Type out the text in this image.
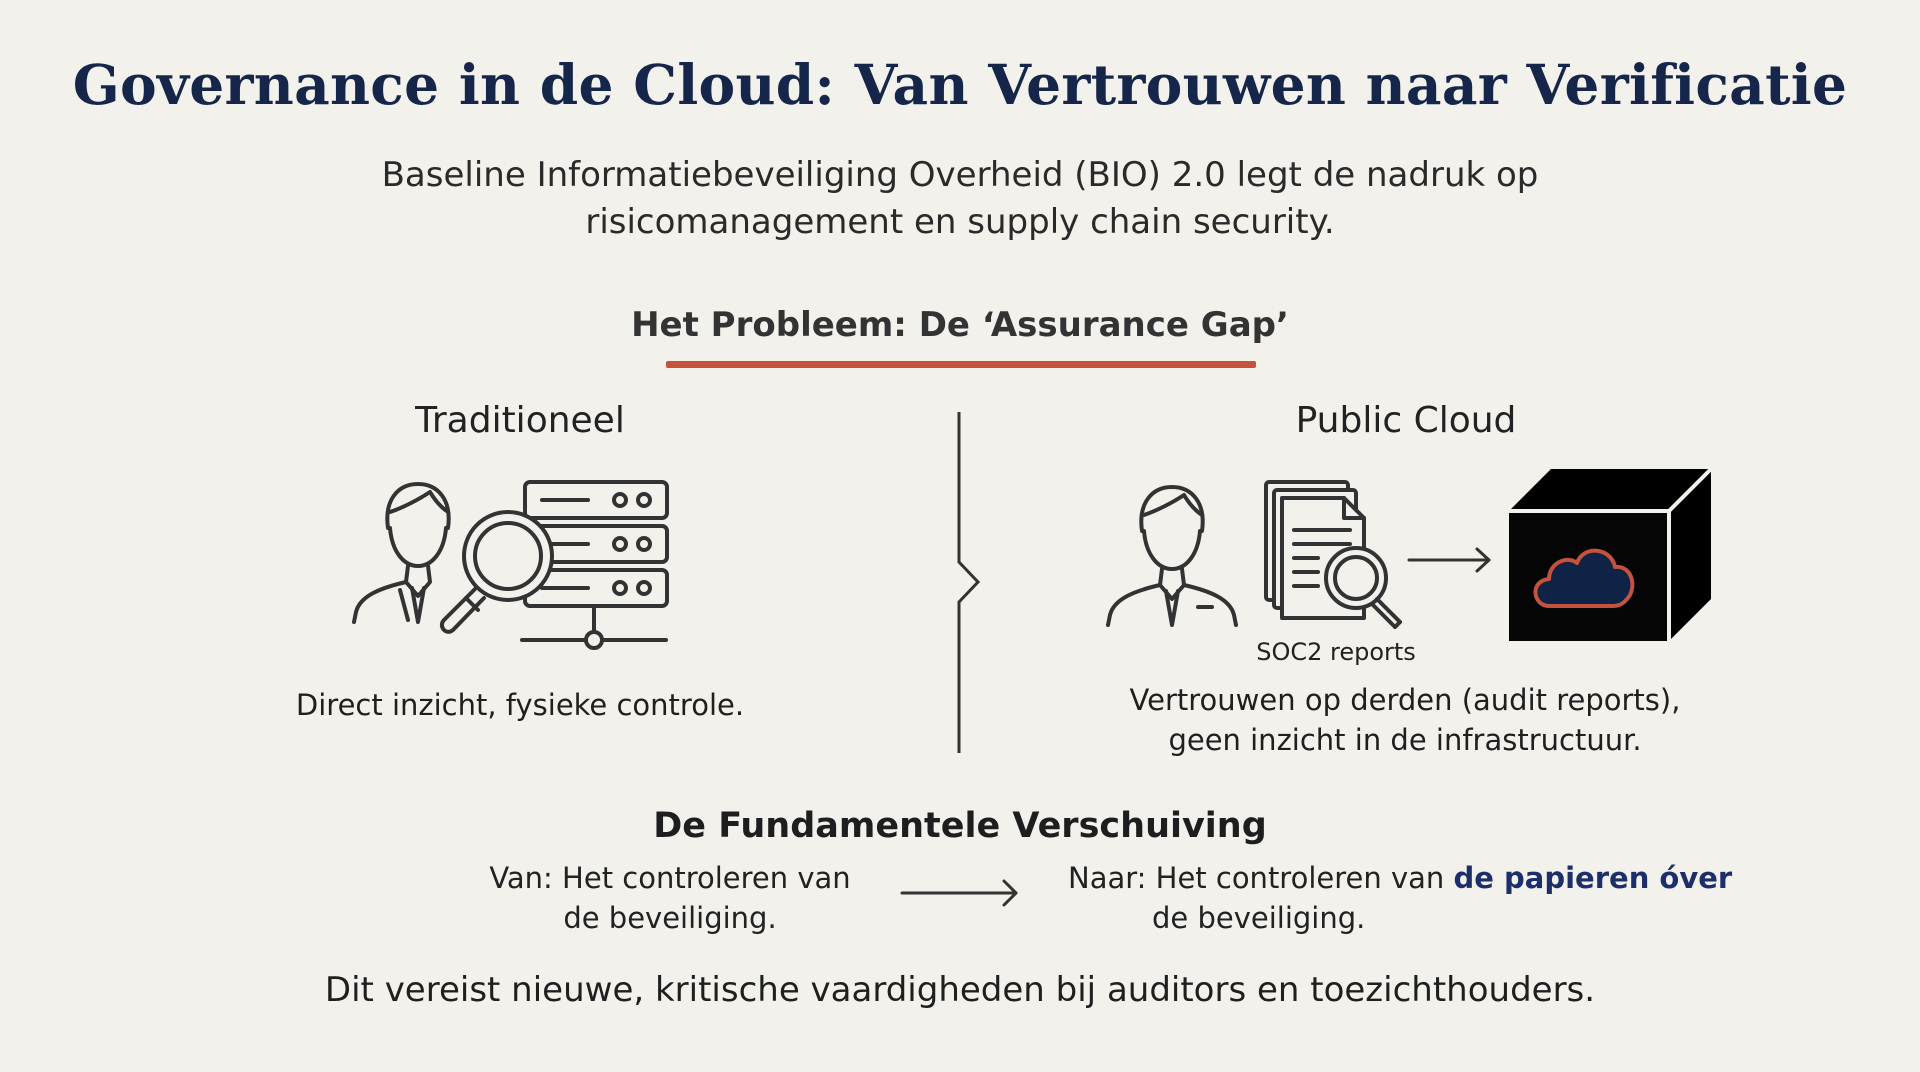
Governance in de Cloud: Van Vertrouwen naar Verificatie
Baseline Informatiebeveiliging Overheid (BIO) 2.0 legt de nadruk op
risicomanagement en supply chain security.
Het Probleem: De ‘Assurance Gap’
Traditioneel
Direct inzicht, fysieke controle.
Public Cloud
SOC2 reports
Vertrouwen op derden (audit reports),
geen inzicht in de infrastructuur.
De Fundamentele Verschuiving
Van: Het controleren van
de beveiliging.
Naar: Het controleren van de papieren óver
de beveiliging.
Dit vereist nieuwe, kritische vaardigheden bij auditors en toezichthouders.
